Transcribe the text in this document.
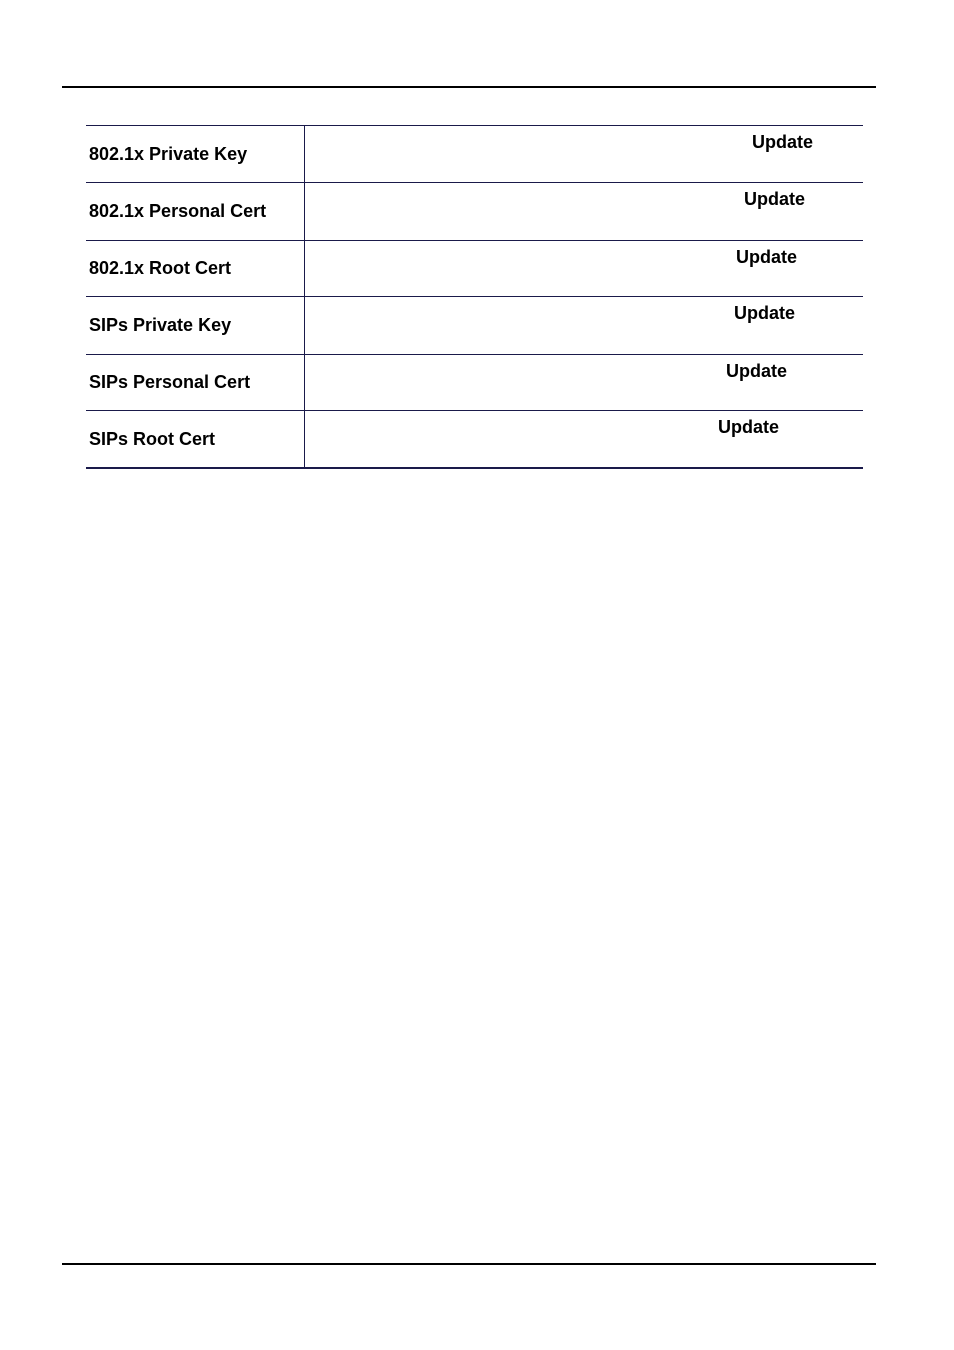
802.1x Private Key
Update
802.1x Personal Cert
Update
802.1x Root Cert
Update
SIPs Private Key
Update
SIPs Personal Cert
Update
SIPs Root Cert
Update
